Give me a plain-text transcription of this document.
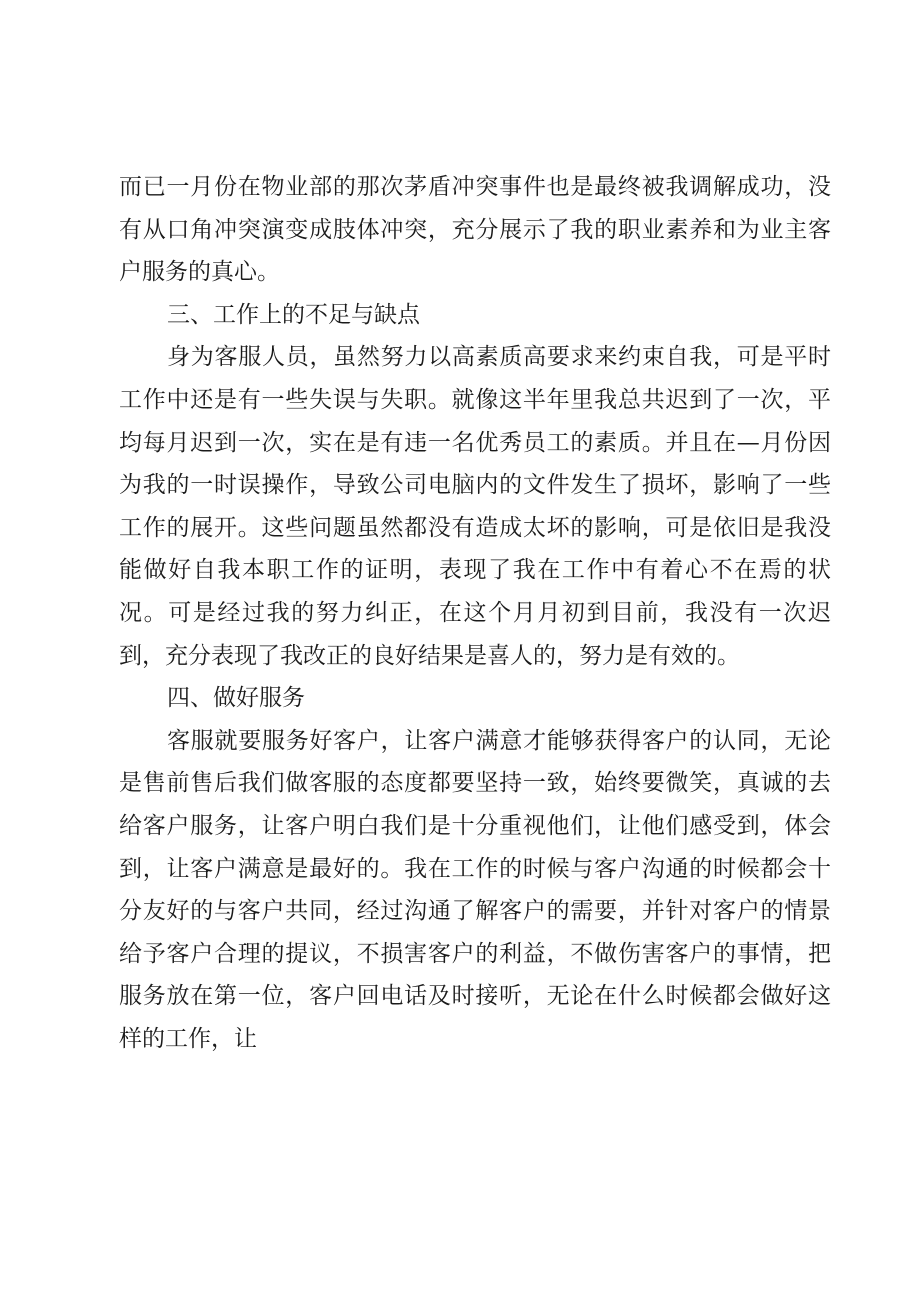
而已一月份在物业部的那次茅盾冲突事件也是最终被我调解成功，没有从口角冲突演变成肢体冲突，充分展示了我的职业素养和为业主客户服务的真心。

三、工作上的不足与缺点

身为客服人员，虽然努力以高素质高要求来约束自我，可是平时工作中还是有一些失误与失职。就像这半年里我总共迟到了一次，平均每月迟到一次，实在是有违一名优秀员工的素质。并且在—月份因为我的一时误操作，导致公司电脑内的文件发生了损坏，影响了一些工作的展开。这些问题虽然都没有造成太坏的影响，可是依旧是我没能做好自我本职工作的证明，表现了我在工作中有着心不在焉的状况。可是经过我的努力纠正，在这个月月初到目前，我没有一次迟到，充分表现了我改正的良好结果是喜人的，努力是有效的。

四、做好服务

客服就要服务好客户，让客户满意才能够获得客户的认同，无论是售前售后我们做客服的态度都要坚持一致，始终要微笑，真诚的去给客户服务，让客户明白我们是十分重视他们，让他们感受到，体会到，让客户满意是最好的。我在工作的时候与客户沟通的时候都会十分友好的与客户共同，经过沟通了解客户的需要，并针对客户的情景给予客户合理的提议，不损害客户的利益，不做伤害客户的事情，把服务放在第一位，客户回电话及时接听，无论在什么时候都会做好这样的工作，让
